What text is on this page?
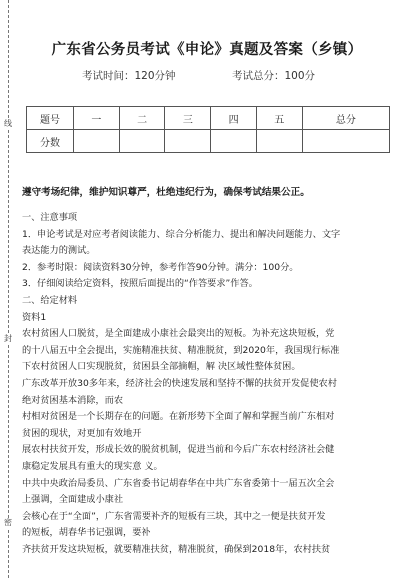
线
封
密
广东省公务员考试《申论》真题及答案（乡镇）
考试时间：120分钟	考试总分：100分
题号	一	二	三	四	五	总分
分数						
遵守考场纪律，维护知识尊严，杜绝违纪行为，确保考试结果公正。
一、注意事项
1．申论考试是对应考者阅读能力、综合分析能力、提出和解决问题能力、文字
表达能力的测试。
2．参考时限：阅读资料30分钟，参考作答90分钟。满分：100分。
3．仔细阅读给定资料，按照后面提出的“作答要求”作答。
二、给定材料
资料1
农村贫困人口脱贫，是全面建成小康社会最突出的短板。为补充这块短板，党
的十八届五中全会提出，实施精准扶贫、精准脱贫，到2020年，我国现行标准
下农村贫困人口实现脱贫，贫困县全部摘帽，解 决区域性整体贫困。
广东改革开放30多年来，经济社会的快速发展和坚持不懈的扶贫开发促使农村
绝对贫困基本消除，而农
村相对贫困是一个长期存在的问题。在新形势下全面了解和掌握当前广东相对
贫困的现状，对更加有效地开
展农村扶贫开发，形成长效的脱贫机制，促进当前和今后广东农村经济社会健
康稳定发展具有重大的现实意 义。
中共中央政治局委员、广东省委书记胡春华在中共广东省委第十一届五次全会
上强调，全面建成小康社
会核心在于“全面”，广东省需要补齐的短板有三块，其中之一便是扶贫开发
的短板，胡春华书记强调，要补
齐扶贫开发这块短板，就要精准扶贫，精准脱贫，确保到2018年，农村扶贫
